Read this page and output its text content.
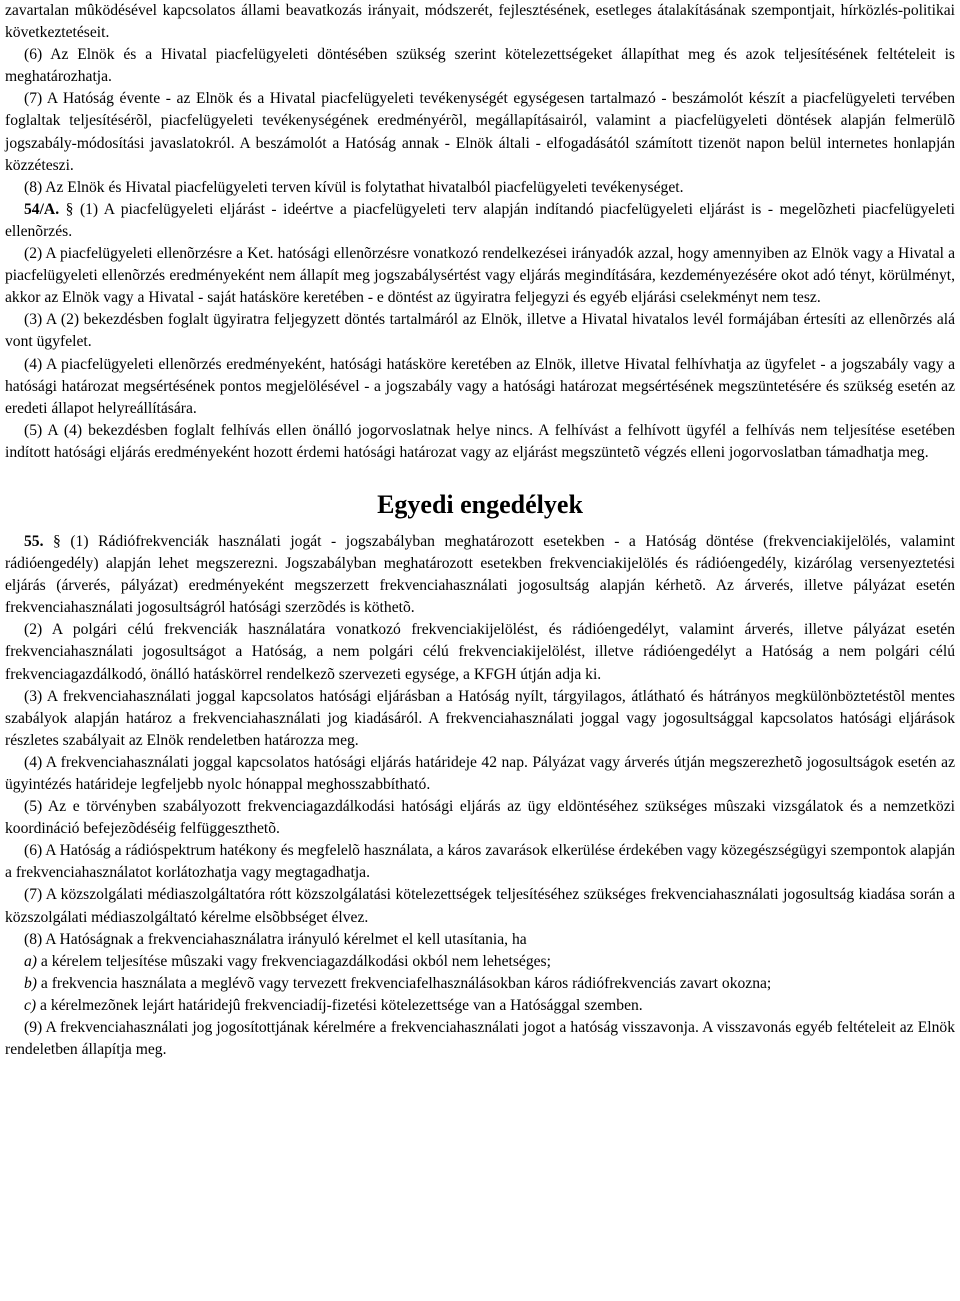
zavartalan mûködésével kapcsolatos állami beavatkozás irányait, módszerét, fejlesztésének, esetleges átalakításának szempontjait, hírközlés-politikai következtetéseit.

(6) Az Elnök és a Hivatal piacfelügyeleti döntésében szükség szerint kötelezettségeket állapíthat meg és azok teljesítésének feltételeit is meghatározhatja.

(7) A Hatóság évente - az Elnök és a Hivatal piacfelügyeleti tevékenységét egységesen tartalmazó - beszámolót készít a piacfelügyeleti tervében foglaltak teljesítésérõl, piacfelügyeleti tevékenységének eredményérõl, megállapításairól, valamint a piacfelügyeleti döntések alapján felmerülõ jogszabály-módosítási javaslatokról. A beszámolót a Hatóság annak - Elnök általi - elfogadásától számított tizenöt napon belül internetes honlapján közzéteszi.

(8) Az Elnök és Hivatal piacfelügyeleti terven kívül is folytathat hivatalból piacfelügyeleti tevékenységet.

54/A. § (1) A piacfelügyeleti eljárást - ideértve a piacfelügyeleti terv alapján indítandó piacfelügyeleti eljárást is - megelõzheti piacfelügyeleti ellenõrzés.

(2) A piacfelügyeleti ellenõrzésre a Ket. hatósági ellenõrzésre vonatkozó rendelkezései irányadók azzal, hogy amennyiben az Elnök vagy a Hivatal a piacfelügyeleti ellenõrzés eredményeként nem állapít meg jogszabálysértést vagy eljárás megindítására, kezdeményezésére okot adó tényt, körülményt, akkor az Elnök vagy a Hivatal - saját hatásköre keretében - e döntést az ügyiratra feljegyzi és egyéb eljárási cselekményt nem tesz.

(3) A (2) bekezdésben foglalt ügyiratra feljegyzett döntés tartalmáról az Elnök, illetve a Hivatal hivatalos levél formájában értesíti az ellenõrzés alá vont ügyfelet.

(4) A piacfelügyeleti ellenõrzés eredményeként, hatósági hatásköre keretében az Elnök, illetve Hivatal felhívhatja az ügyfelet - a jogszabály vagy a hatósági határozat megsértésének pontos megjelölésével - a jogszabály vagy a hatósági határozat megsértésének megszüntetésére és szükség esetén az eredeti állapot helyreállítására.

(5) A (4) bekezdésben foglalt felhívás ellen önálló jogorvoslatnak helye nincs. A felhívást a felhívott ügyfél a felhívás nem teljesítése esetében indított hatósági eljárás eredményeként hozott érdemi hatósági határozat vagy az eljárást megszüntetõ végzés elleni jogorvoslatban támadhatja meg.

Egyedi engedélyek

55. § (1) Rádiófrekvenciák használati jogát - jogszabályban meghatározott esetekben - a Hatóság döntése (frekvenciakijelölés, valamint rádióengedély) alapján lehet megszerezni. Jogszabályban meghatározott esetekben frekvenciakijelölés és rádióengedély, kizárólag versenyeztetési eljárás (árverés, pályázat) eredményeként megszerzett frekvenciahasználati jogosultság alapján kérhetõ. Az árverés, illetve pályázat esetén frekvenciahasználati jogosultságról hatósági szerzõdés is köthetõ.

(2) A polgári célú frekvenciák használatára vonatkozó frekvenciakijelölést, és rádióengedélyt, valamint árverés, illetve pályázat esetén frekvenciahasználati jogosultságot a Hatóság, a nem polgári célú frekvenciakijelölést, illetve rádióengedélyt a Hatóság a nem polgári célú frekvenciagazdálkodó, önálló hatáskörrel rendelkezõ szervezeti egysége, a KFGH útján adja ki.

(3) A frekvenciahasználati joggal kapcsolatos hatósági eljárásban a Hatóság nyílt, tárgyilagos, átlátható és hátrányos megkülönböztetéstõl mentes szabályok alapján határoz a frekvenciahasználati jog kiadásáról. A frekvenciahasználati joggal vagy jogosultsággal kapcsolatos hatósági eljárások részletes szabályait az Elnök rendeletben határozza meg.

(4) A frekvenciahasználati joggal kapcsolatos hatósági eljárás határideje 42 nap. Pályázat vagy árverés útján megszerezhetõ jogosultságok esetén az ügyintézés határideje legfeljebb nyolc hónappal meghosszabbítható.

(5) Az e törvényben szabályozott frekvenciagazdálkodási hatósági eljárás az ügy eldöntéséhez szükséges mûszaki vizsgálatok és a nemzetközi koordináció befejezõdéséig felfüggeszthetõ.

(6) A Hatóság a rádióspektrum hatékony és megfelelõ használata, a káros zavarások elkerülése érdekében vagy közegészségügyi szempontok alapján a frekvenciahasználatot korlátozhatja vagy megtagadhatja.

(7) A közszolgálati médiaszolgáltatóra rótt közszolgálatási kötelezettségek teljesítéséhez szükséges frekvenciahasználati jogosultság kiadása során a közszolgálati médiaszolgáltató kérelme elsõbbséget élvez.

(8) A Hatóságnak a frekvenciahasználatra irányuló kérelmet el kell utasítania, ha

a) a kérelem teljesítése mûszaki vagy frekvenciagazdálkodási okból nem lehetséges;

b) a frekvencia használata a meglévõ vagy tervezett frekvenciafelhasználásokban káros rádiófrekvenciás zavart okozna;

c) a kérelmezõnek lejárt határidejû frekvenciadíj-fizetési kötelezettsége van a Hatósággal szemben.

(9) A frekvenciahasználati jog jogosítottjának kérelmére a frekvenciahasználati jogot a hatóság visszavonja. A visszavonás egyéb feltételeit az Elnök rendeletben állapítja meg.
